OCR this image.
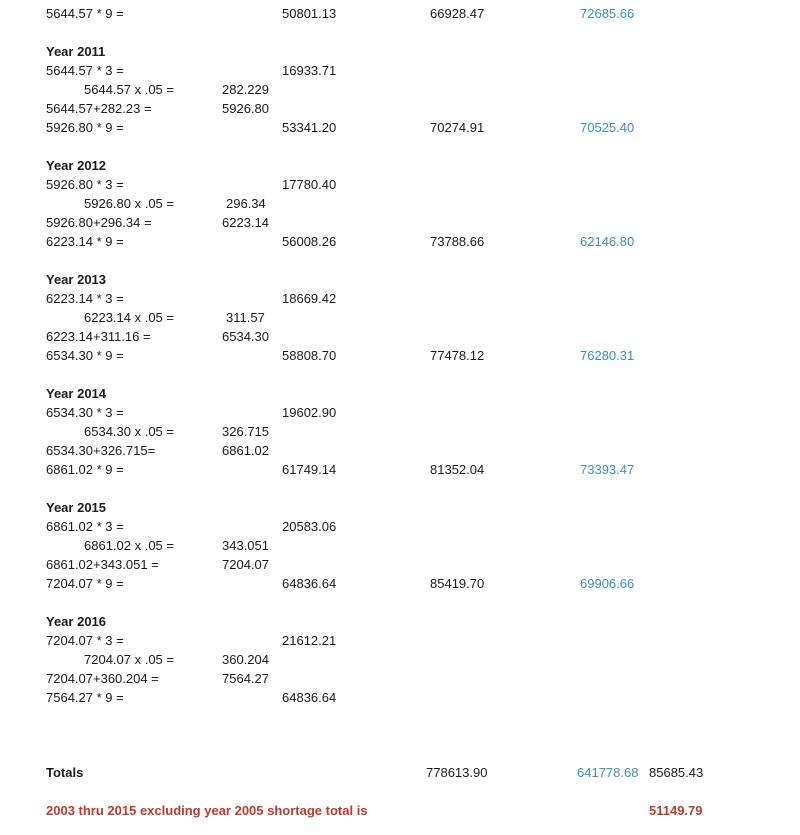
5644.57 * 9 =	50801.13	66928.47	72685.66
Year 2011
5644.57 * 3 =	16933.71
5644.57 x .05 =	282.229
5644.57+282.23 =	5926.80
5926.80 * 9 =	53341.20	70274.91	70525.40
Year 2012
5926.80 * 3 =	17780.40
5926.80 x .05 =	296.34
5926.80+296.34 =	6223.14
6223.14 * 9 =	56008.26	73788.66	62146.80
Year 2013
6223.14 * 3 =	18669.42
6223.14 x .05 =	311.57
6223.14+311.16 =	6534.30
6534.30 * 9 =	58808.70	77478.12	76280.31
Year 2014
6534.30 * 3 =	19602.90
6534.30 x .05 =	326.715
6534.30+326.715=	6861.02
6861.02 * 9 =	61749.14	81352.04	73393.47
Year 2015
6861.02 * 3 =	20583.06
6861.02 x .05 =	343.051
6861.02+343.051 =	7204.07
7204.07 * 9 =	64836.64	85419.70	69906.66
Year 2016
7204.07 * 3 =	21612.21
7204.07 x .05 =	360.204
7204.07+360.204 =	7564.27
7564.27 * 9 =	64836.64
Totals	778613.90	641778.68 85685.43
2003 thru 2015 excluding year 2005 shortage total is	51149.79
